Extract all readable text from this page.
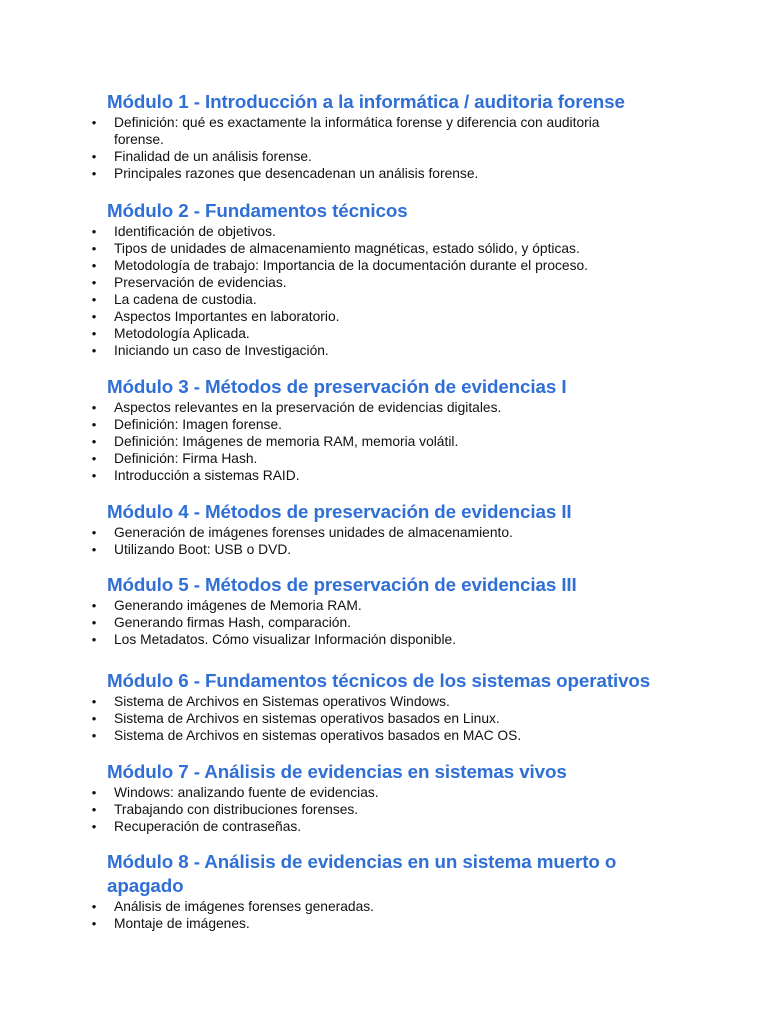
Módulo 1 - Introducción a la informática / auditoria forense
• Definición: qué es exactamente la informática forense y diferencia con auditoria forense.
• Finalidad de un análisis forense.
• Principales razones que desencadenan un análisis forense.
Módulo 2 - Fundamentos técnicos
• Identificación de objetivos.
• Tipos de unidades de almacenamiento magnéticas, estado sólido, y ópticas.
• Metodología de trabajo: Importancia de la documentación durante el proceso.
• Preservación de evidencias.
• La cadena de custodia.
• Aspectos Importantes en laboratorio.
• Metodología Aplicada.
• Iniciando un caso de Investigación.
Módulo 3 - Métodos de preservación de evidencias I
• Aspectos relevantes en la preservación de evidencias digitales.
• Definición: Imagen forense.
• Definición: Imágenes de memoria RAM, memoria volátil.
• Definición: Firma Hash.
• Introducción a sistemas RAID.
Módulo 4 - Métodos de preservación de evidencias II
• Generación de imágenes forenses unidades de almacenamiento.
• Utilizando Boot: USB o DVD.
Módulo 5 - Métodos de preservación de evidencias III
• Generando imágenes de Memoria RAM.
• Generando firmas Hash, comparación.
• Los Metadatos. Cómo visualizar Información disponible.
Módulo 6 - Fundamentos técnicos de los sistemas operativos
• Sistema de Archivos en Sistemas operativos Windows.
• Sistema de Archivos en sistemas operativos basados en Linux.
• Sistema de Archivos en sistemas operativos basados en MAC OS.
Módulo 7 - Análisis de evidencias en sistemas vivos
• Windows: analizando fuente de evidencias.
• Trabajando con distribuciones forenses.
• Recuperación de contraseñas.
Módulo 8 - Análisis de evidencias en un sistema muerto o apagado
• Análisis de imágenes forenses generadas.
• Montaje de imágenes.
